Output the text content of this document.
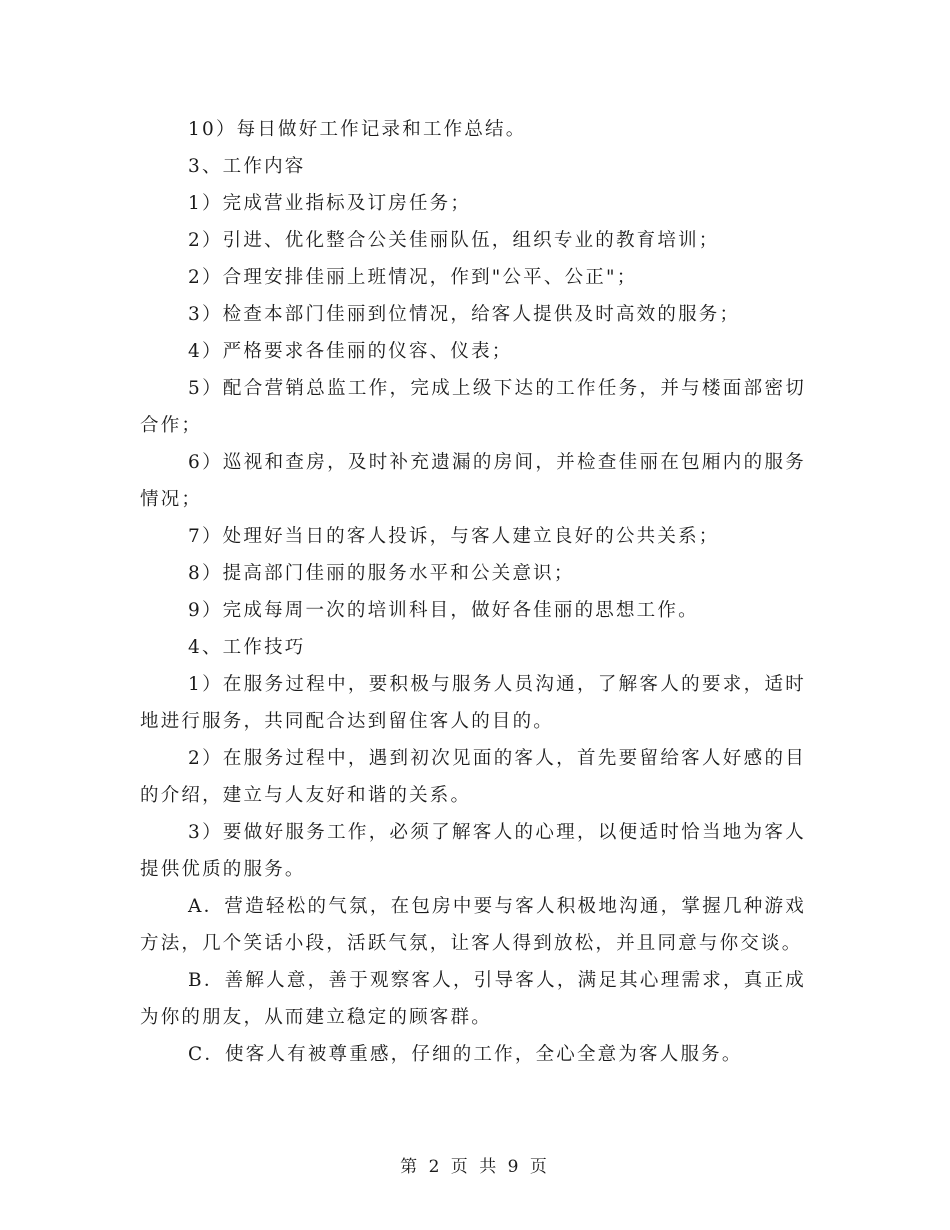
10）每日做好工作记录和工作总结。

3、工作内容

1）完成营业指标及订房任务；

2）引进、优化整合公关佳丽队伍，组织专业的教育培训；

2）合理安排佳丽上班情况，作到"公平、公正"；

3）检查本部门佳丽到位情况，给客人提供及时高效的服务；

4）严格要求各佳丽的仪容、仪表；

5）配合营销总监工作，完成上级下达的工作任务，并与楼面部密切合作；

6）巡视和查房，及时补充遗漏的房间，并检查佳丽在包厢内的服务情况；

7）处理好当日的客人投诉，与客人建立良好的公共关系；

8）提高部门佳丽的服务水平和公关意识；

9）完成每周一次的培训科目，做好各佳丽的思想工作。

4、工作技巧

1）在服务过程中，要积极与服务人员沟通，了解客人的要求，适时地进行服务，共同配合达到留住客人的目的。

2）在服务过程中，遇到初次见面的客人，首先要留给客人好感的目的介绍，建立与人友好和谐的关系。

3）要做好服务工作，必须了解客人的心理，以便适时恰当地为客人提供优质的服务。

A．营造轻松的气氛，在包房中要与客人积极地沟通，掌握几种游戏方法，几个笑话小段，活跃气氛，让客人得到放松，并且同意与你交谈。

B．善解人意，善于观察客人，引导客人，满足其心理需求，真正成为你的朋友，从而建立稳定的顾客群。

C．使客人有被尊重感，仔细的工作，全心全意为客人服务。

第 2 页 共 9 页
